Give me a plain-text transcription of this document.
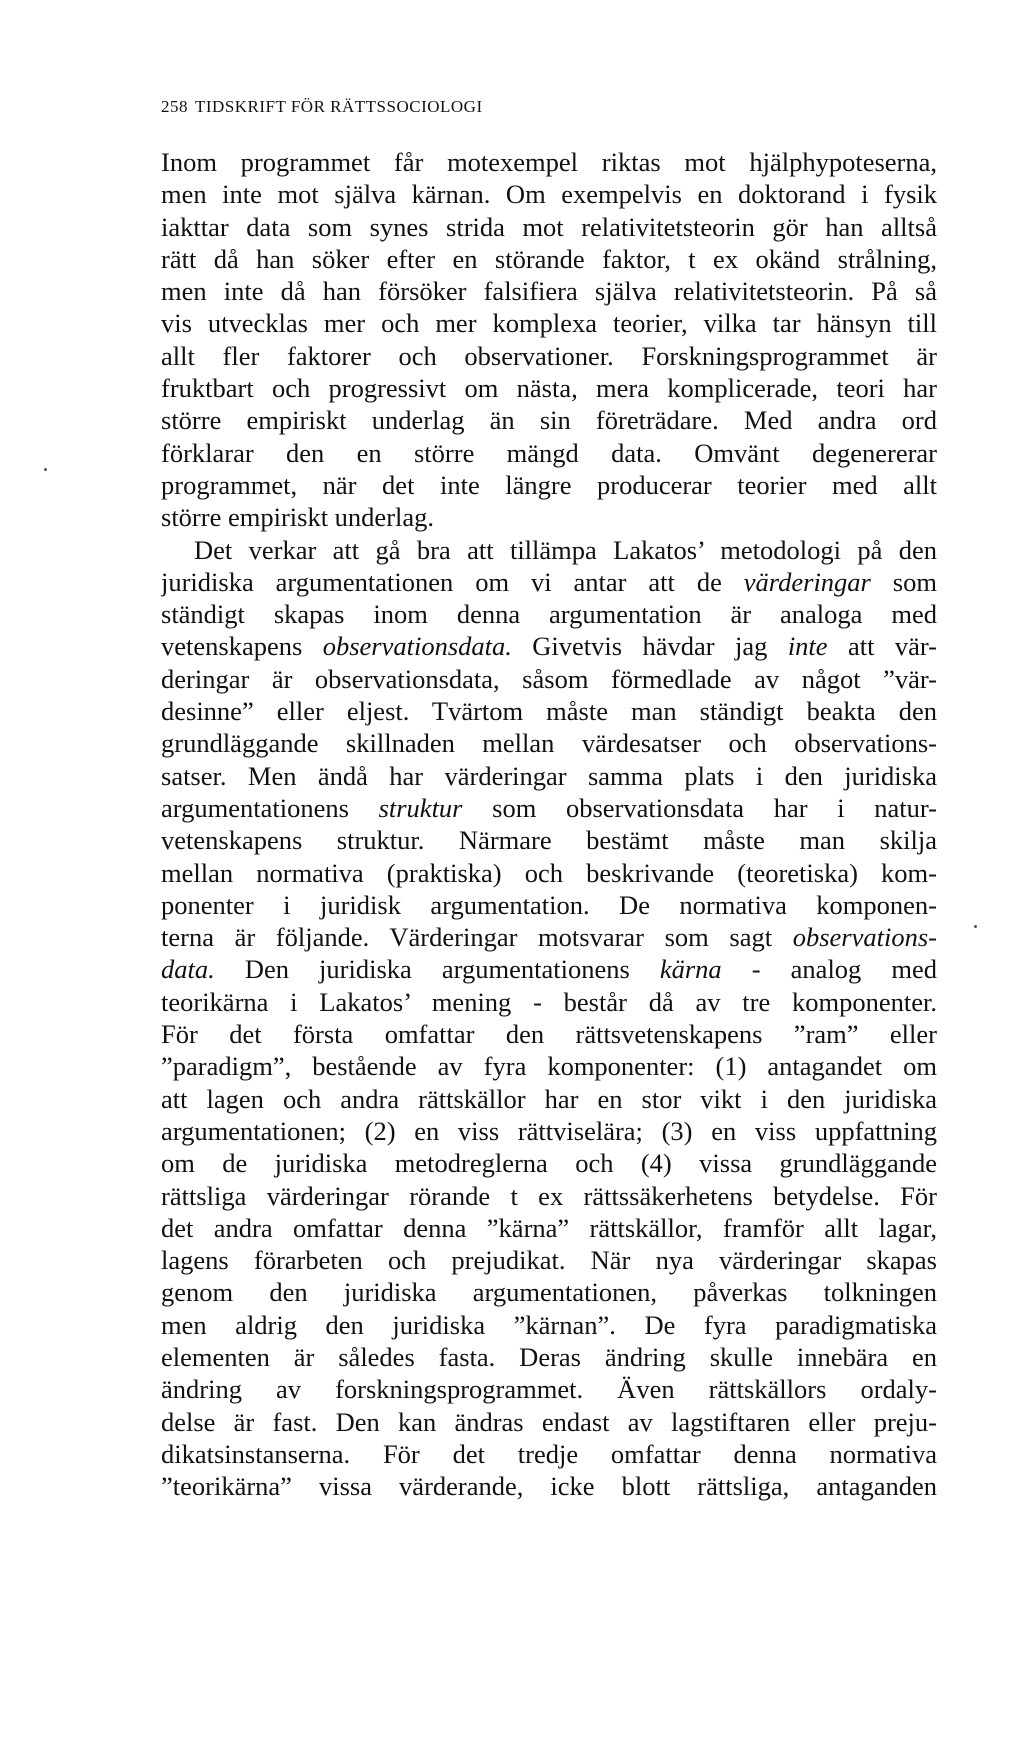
258 TIDSKRIFT FÖR RÄTTSSOCIOLOGI
Inom programmet får motexempel riktas mot hjälphypoteserna,
men inte mot själva kärnan. Om exempelvis en doktorand i fysik
iakttar data som synes strida mot relativitetsteorin gör han alltså
rätt då han söker efter en störande faktor, t ex okänd strålning,
men inte då han försöker falsifiera själva relativitetsteorin. På så
vis utvecklas mer och mer komplexa teorier, vilka tar hänsyn till
allt fler faktorer och observationer. Forskningsprogrammet är
fruktbart och progressivt om nästa, mera komplicerade, teori har
större empiriskt underlag än sin företrädare. Med andra ord
förklarar den en större mängd data. Omvänt degenererar
programmet, när det inte längre producerar teorier med allt
större empiriskt underlag.
Det verkar att gå bra att tillämpa Lakatos’ metodologi på den
juridiska argumentationen om vi antar att de värderingar som
ständigt skapas inom denna argumentation är analoga med
vetenskapens observationsdata. Givetvis hävdar jag inte att vär-
deringar är observationsdata, såsom förmedlade av något ”vär-
desinne” eller eljest. Tvärtom måste man ständigt beakta den
grundläggande skillnaden mellan värdesatser och observations-
satser. Men ändå har värderingar samma plats i den juridiska
argumentationens struktur som observationsdata har i natur-
vetenskapens struktur. Närmare bestämt måste man skilja
mellan normativa (praktiska) och beskrivande (teoretiska) kom-
ponenter i juridisk argumentation. De normativa komponen-
terna är följande. Värderingar motsvarar som sagt observations-
data. Den juridiska argumentationens kärna - analog med
teorikärna i Lakatos’ mening - består då av tre komponenter.
För det första omfattar den rättsvetenskapens ”ram” eller
”paradigm”, bestående av fyra komponenter: (1) antagandet om
att lagen och andra rättskällor har en stor vikt i den juridiska
argumentationen; (2) en viss rättviselära; (3) en viss uppfattning
om de juridiska metodreglerna och (4) vissa grundläggande
rättsliga värderingar rörande t ex rättssäkerhetens betydelse. För
det andra omfattar denna ”kärna” rättskällor, framför allt lagar,
lagens förarbeten och prejudikat. När nya värderingar skapas
genom den juridiska argumentationen, påverkas tolkningen
men aldrig den juridiska ”kärnan”. De fyra paradigmatiska
elementen är således fasta. Deras ändring skulle innebära en
ändring av forskningsprogrammet. Även rättskällors ordaly-
delse är fast. Den kan ändras endast av lagstiftaren eller preju-
dikatsinstanserna. För det tredje omfattar denna normativa
”teorikärna” vissa värderande, icke blott rättsliga, antaganden
